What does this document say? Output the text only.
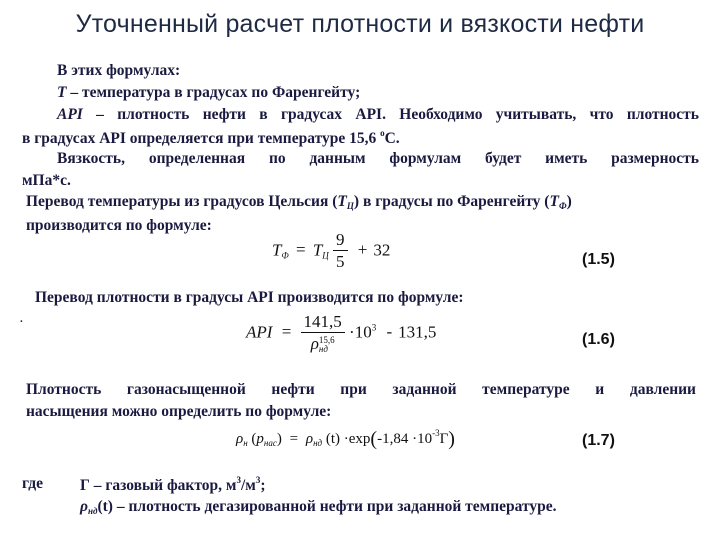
Уточненный расчет плотности и вязкости нефти
В этих формулах:
T – температура в градусах по Фаренгейту;
API – плотность нефти в градусах API. Необходимо учитывать, что плотность
в градусах API определяется при температуре 15,6 $^о$С.
Вязкость, определенная по данным формулам будет иметь размерность
мПа*с.
Перевод температуры из градусов Цельсия $(T_Ц)$ в градусы по Фаренгейту $(T_Ф)$
производится по формуле:
$T_Ф = T_Ц \frac{9}{5} + 32$
(1.5)
Перевод плотности в градусы API производится по формуле:
.
API = 141,5
ρ 15,6
нд $\cdot 10^3 - 131,5$	(1.6)
Плотность газонасыщенной нефти при заданной температуре и давлении
насыщения можно определить по формуле:
$\rho_н$ $(p_{нас}) = \rho_{нд}$ $(t) \cdot\exp(-1,84 \cdot 10^{-3}Г)$	(1.7)
где Г – газовый фактор, $м^3/м^3$;
$\rho_{нд}(t)$ – плотность дегазированной нефти при заданной температуре.
